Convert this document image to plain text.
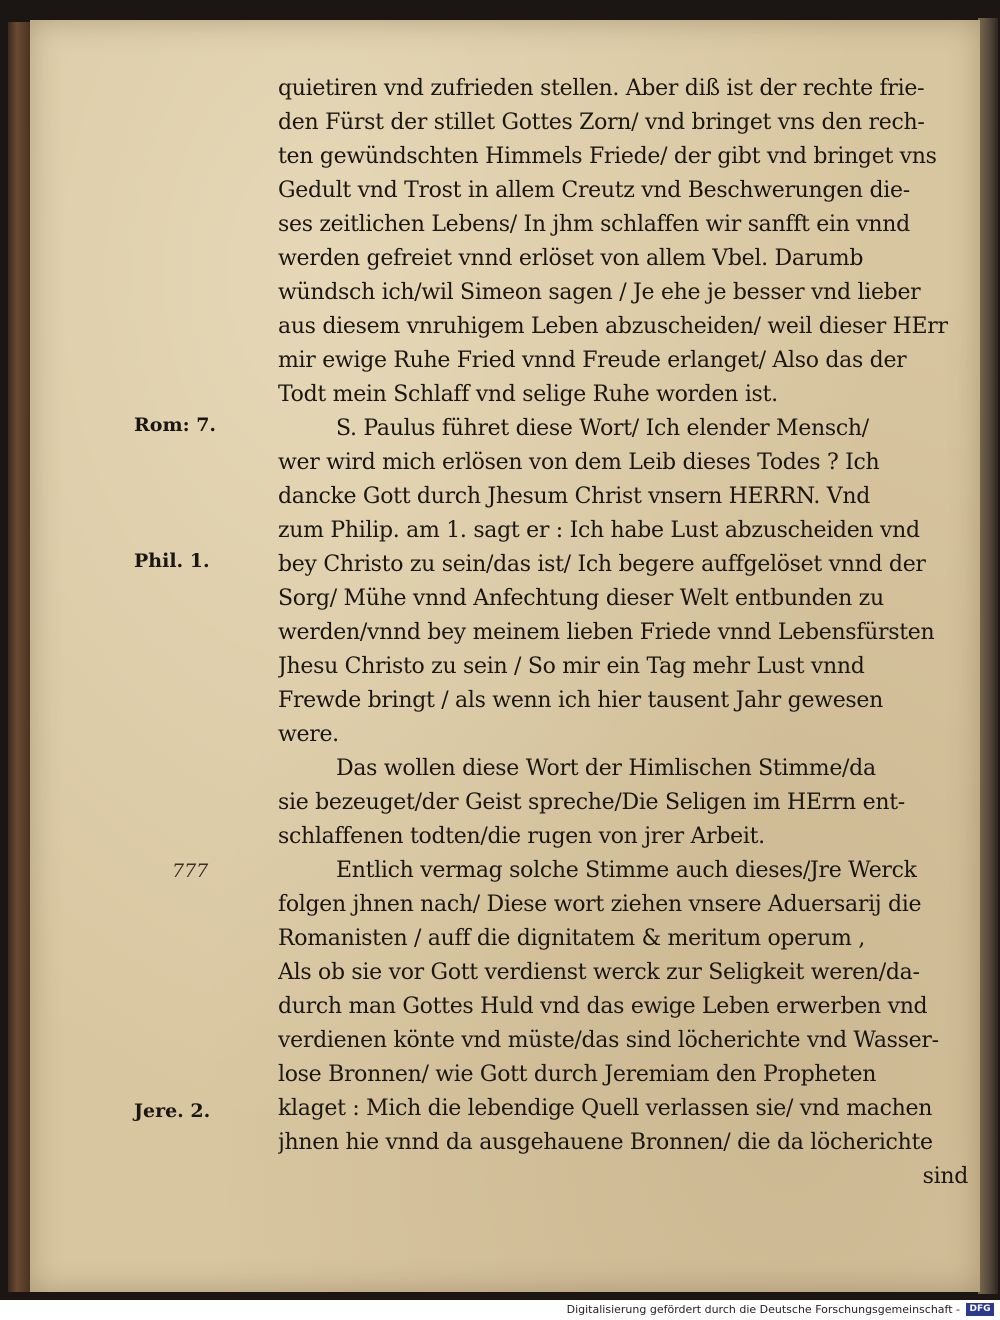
quietiren vnd zufrieden stellen. Aber diß ist der rechte frie-
den Fürst der stillet Gottes Zorn/ vnd bringet vns den rech-
ten gewündschten Himmels Friede/ der gibt vnd bringet vns
Gedult vnd Trost in allem Creutz vnd Beschwerungen die-
ses zeitlichen Lebens/ In jhm schlaffen wir sanfft ein vnnd
werden gefreiet vnnd erlöset von allem Vbel. Darumb
wündsch ich/wil Simeon sagen / Je ehe je besser vnd lieber
aus diesem vnruhigem Leben abzuscheiden/ weil dieser HErr
mir ewige Ruhe Fried vnnd Freude erlanget/ Also das der
Todt mein Schlaff vnd selige Ruhe worden ist.
S. Paulus führet diese Wort/ Ich elender Mensch/
wer wird mich erlösen von dem Leib dieses Todes ? Ich
dancke Gott durch Jhesum Christ vnsern HERRN. Vnd
zum Philip. am 1. sagt er : Ich habe Lust abzuscheiden vnd
bey Christo zu sein/das ist/ Ich begere auffgelöset vnnd der
Sorg/ Mühe vnnd Anfechtung dieser Welt entbunden zu
werden/vnnd bey meinem lieben Friede vnnd Lebensfürsten
Jhesu Christo zu sein / So mir ein Tag mehr Lust vnnd
Frewde bringt / als wenn ich hier tausent Jahr gewesen
were.
Das wollen diese Wort der Himlischen Stimme/da
sie bezeuget/der Geist spreche/Die Seligen im HErrn ent-
schlaffenen todten/die rugen von jrer Arbeit.
Entlich vermag solche Stimme auch dieses/Jre Werck
folgen jhnen nach/ Diese wort ziehen vnsere Aduersarij die
Romanisten / auff die dignitatem & meritum operum ,
Als ob sie vor Gott verdienst werck zur Seligkeit weren/da-
durch man Gottes Huld vnd das ewige Leben erwerben vnd
verdienen könte vnd müste/das sind löcherichte vnd Wasser-
lose Bronnen/ wie Gott durch Jeremiam den Propheten
klaget : Mich die lebendige Quell verlassen sie/ vnd machen
jhnen hie vnnd da ausgehauene Bronnen/ die da löcherichte
sind
Rom: 7.
Phil. 1.
777
Jere. 2.
Digitalisierung gefördert durch die Deutsche Forschungsgemeinschaft -	DFG
